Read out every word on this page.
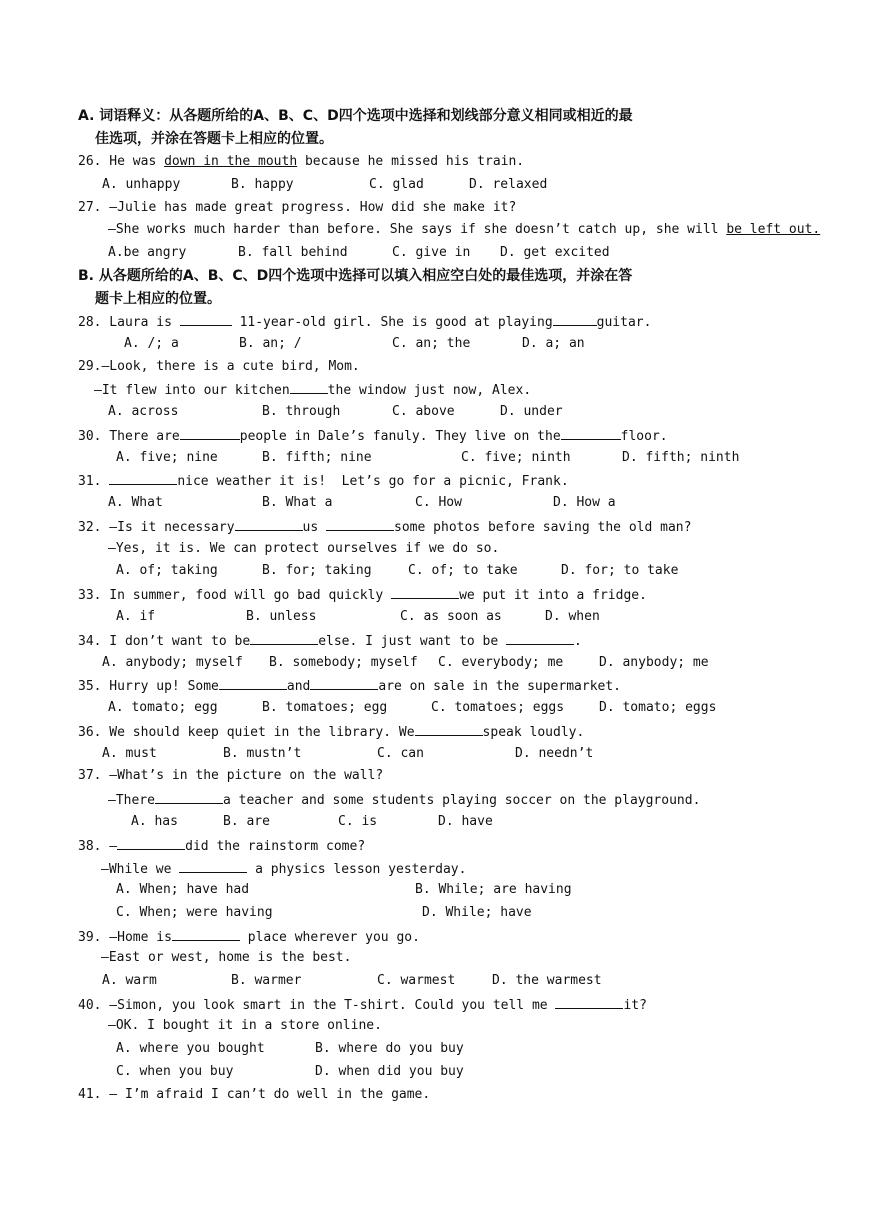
A. 词语释义：从各题所给的A、B、C、D四个选项中选择和划线部分意义相同或相近的最
佳选项，并涂在答题卡上相应的位置。
26. He was down in the mouth because he missed his train.
A. unhappy	B. happy	C. glad	D. relaxed
27. —Julie has made great progress. How did she make it?
—She works much harder than before. She says if she doesn’t catch up, she will be left out.
A.be angry	B. fall behind	C. give in D. get excited
B. 从各题所给的A、B、C、D四个选项中选择可以填入相应空白处的最佳选项，并涂在答
题卡上相应的位置。
28. Laura is	11-year-old girl. She is good at playing	guitar.
A. /; a	B. an; /	C. an; the	D. a; an
29.—Look, there is a cute bird, Mom.
—It flew into our kitchen	the window just now, Alex.
A. across	B. through	C. above	D. under
30. There are	people in Dale’s fanuly. They live on the	floor.
A. five; nine	B. fifth; nine	C. five; ninth	D. fifth; ninth
31.	nice weather it is!  Let’s go for a picnic, Frank.
A. What	B. What a	C. How	D. How a
32. —Is it necessary	us	some photos before saving the old man?
—Yes, it is. We can protect ourselves if we do so.
A. of; taking	B. for; taking	C. of; to take	D. for; to take
33. In summer, food will go bad quickly	we put it into a fridge.
A. if	B. unless	C. as soon as	D. when
34. I don’t want to be	else. I just want to be	.
A. anybody; myself B. somebody; myself C. everybody; me	D. anybody; me
35. Hurry up! Some	and	are on sale in the supermarket.
A. tomato; egg	B. tomatoes; egg	C. tomatoes; eggs	D. tomato; eggs
36. We should keep quiet in the library. We	speak loudly.
A. must	B. mustn’t	C. can	D. needn’t
37. —What’s in the picture on the wall?
—There	a teacher and some students playing soccer on the playground.
A. has	B. are	C. is	D. have
38. —	did the rainstorm come?
—While we	a physics lesson yesterday.
A. When; have had	B. While; are having
C. When; were having	D. While; have
39. —Home is	place wherever you go.
—East or west, home is the best.
A. warm	B. warmer	C. warmest	D. the warmest
40. —Simon, you look smart in the T-shirt. Could you tell me	it?
—OK. I bought it in a store online.
A. where you bought	B. where do you buy
C. when you buy	D. when did you buy
41. — I’m afraid I can’t do well in the game.
